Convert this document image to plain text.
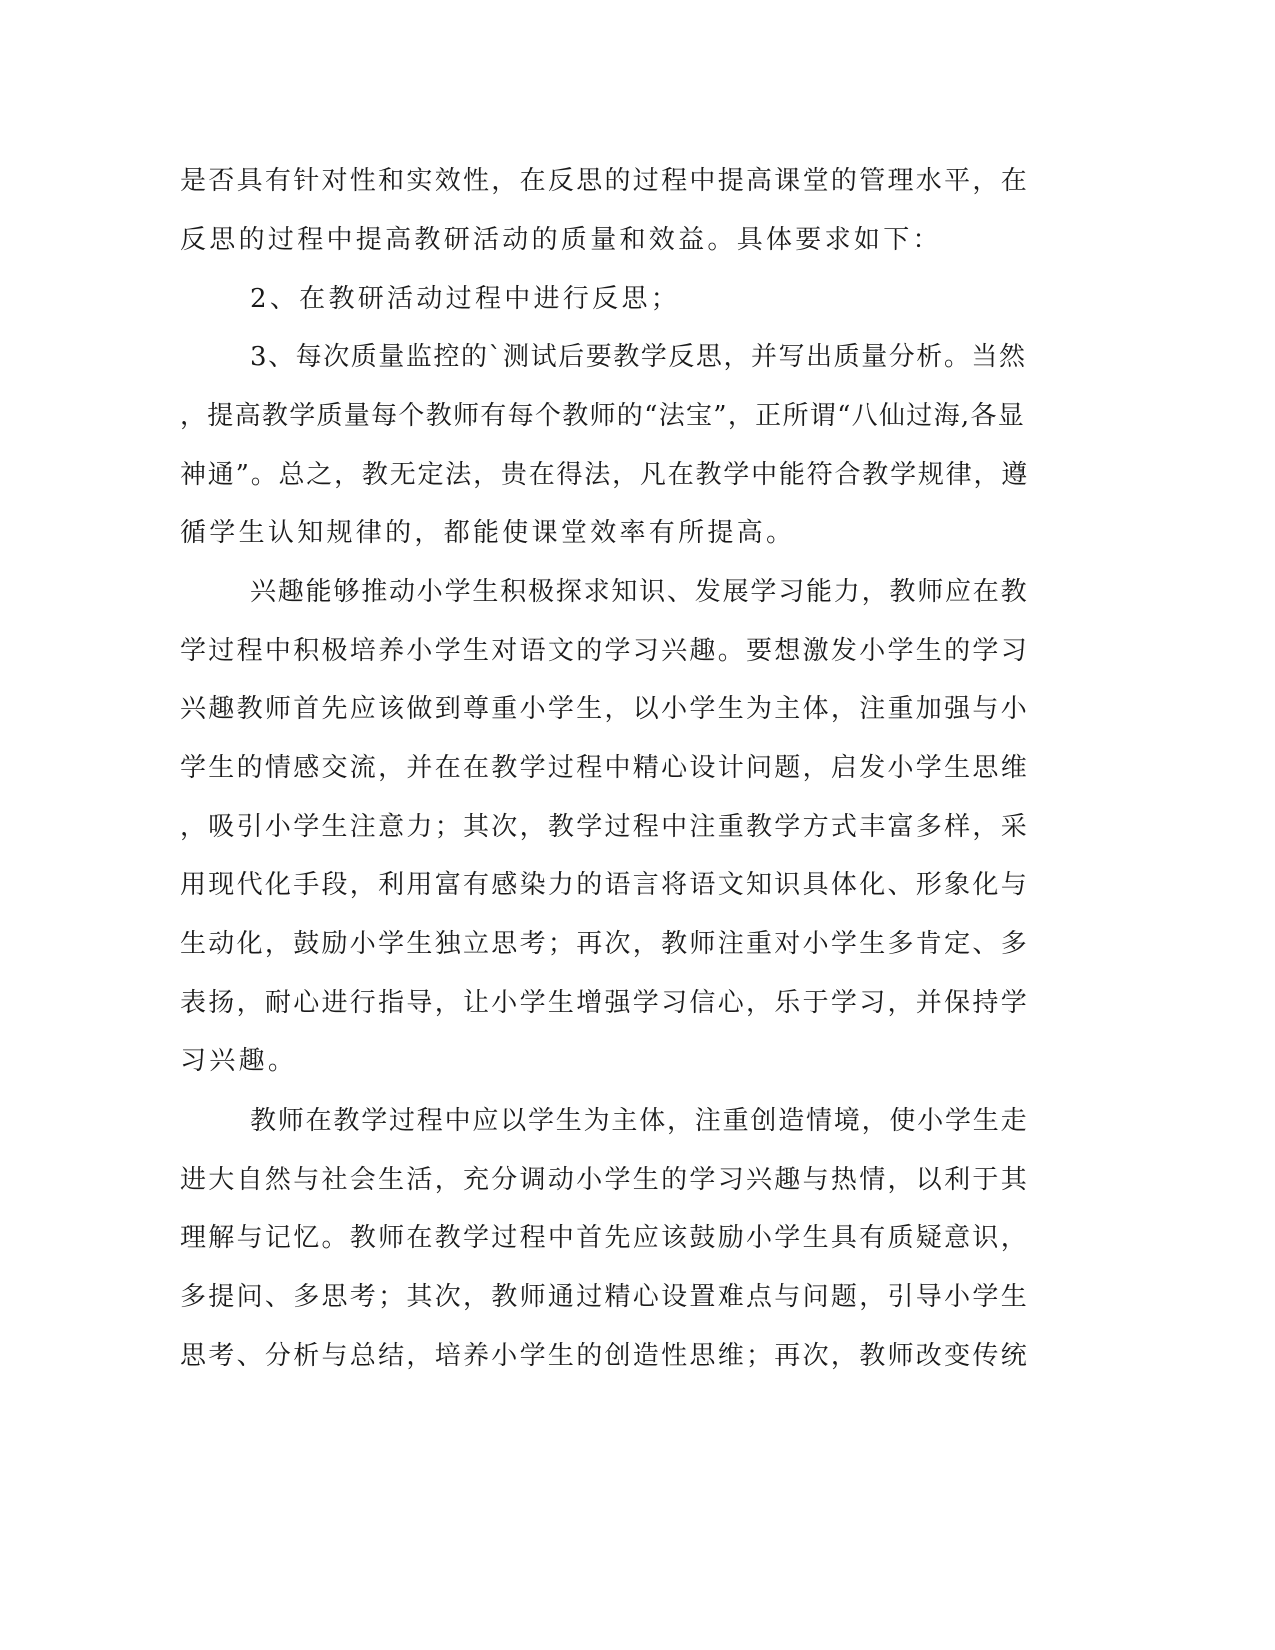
是否具有针对性和实效性，在反思的过程中提高课堂的管理水平，在
反思的过程中提高教研活动的质量和效益。具体要求如下：
2、在教研活动过程中进行反思；
3、每次质量监控的`测试后要教学反思，并写出质量分析。当然
，提高教学质量每个教师有每个教师的“法宝”，正所谓“八仙过海,各显
神通”。总之，教无定法，贵在得法，凡在教学中能符合教学规律，遵
循学生认知规律的，都能使课堂效率有所提高。
兴趣能够推动小学生积极探求知识、发展学习能力，教师应在教
学过程中积极培养小学生对语文的学习兴趣。要想激发小学生的学习
兴趣教师首先应该做到尊重小学生，以小学生为主体，注重加强与小
学生的情感交流，并在在教学过程中精心设计问题，启发小学生思维
，吸引小学生注意力；其次，教学过程中注重教学方式丰富多样，采
用现代化手段，利用富有感染力的语言将语文知识具体化、形象化与
生动化，鼓励小学生独立思考；再次，教师注重对小学生多肯定、多
表扬，耐心进行指导，让小学生增强学习信心，乐于学习，并保持学
习兴趣。
教师在教学过程中应以学生为主体，注重创造情境，使小学生走
进大自然与社会生活，充分调动小学生的学习兴趣与热情，以利于其
理解与记忆。教师在教学过程中首先应该鼓励小学生具有质疑意识，
多提问、多思考；其次，教师通过精心设置难点与问题，引导小学生
思考、分析与总结，培养小学生的创造性思维；再次，教师改变传统
